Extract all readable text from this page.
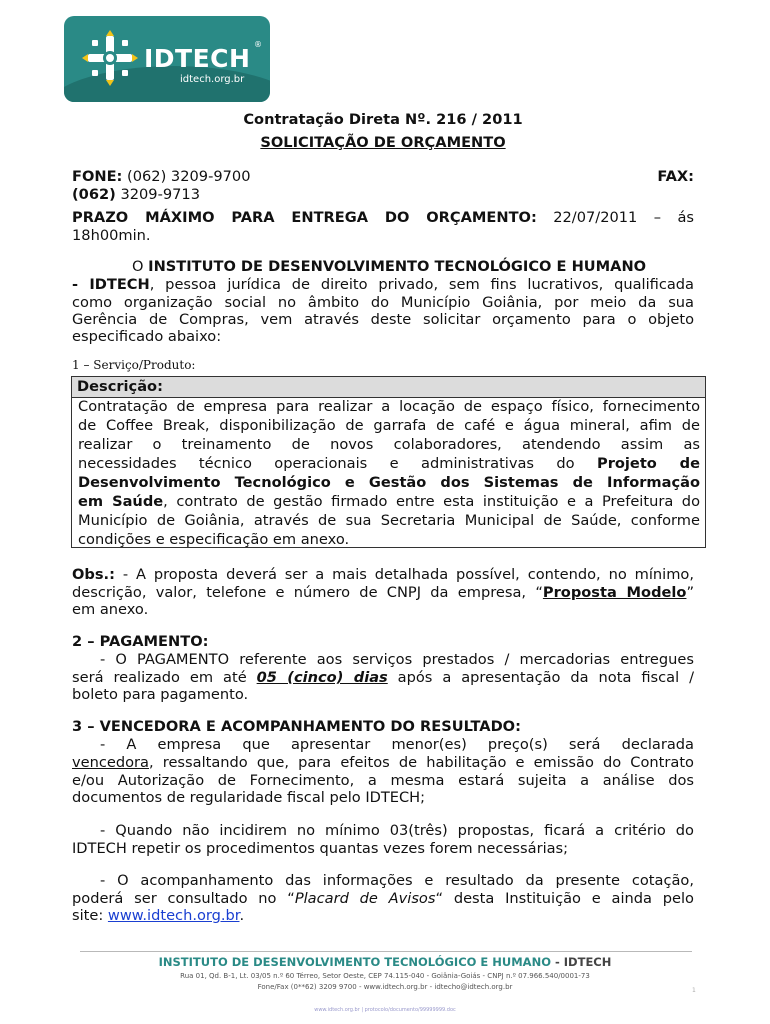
IDTECH ®
idtech.org.br
Contratação Direta Nº. 216 / 2011
SOLICITAÇÃO DE ORÇAMENTO
FONE: (062) 3209-9700	FAX:
(062) 3209-9713
PRAZO MÁXIMO PARA ENTREGA DO ORÇAMENTO: 22/07/2011 – ás
18h00min.
O INSTITUTO DE DESENVOLVIMENTO TECNOLÓGICO E HUMANO
- IDTECH, pessoa jurídica de direito privado, sem fins lucrativos, qualificada
como organização social no âmbito do Município Goiânia, por meio da sua
Gerência de Compras, vem através deste solicitar orçamento para o objeto
especificado abaixo:
1 – Serviço/Produto:
Descrição:
Contratação de empresa para realizar a locação de espaço físico, fornecimento
de Coffee Break, disponibilização de garrafa de café e água mineral, afim de
realizar o treinamento de novos colaboradores, atendendo assim as
necessidades técnico operacionais e administrativas do Projeto de
Desenvolvimento Tecnológico e Gestão dos Sistemas de Informação
em Saúde, contrato de gestão firmado entre esta instituição e a Prefeitura do
Município de Goiânia, através de sua Secretaria Municipal de Saúde, conforme
condições e especificação em anexo.
Obs.: - A proposta deverá ser a mais detalhada possível, contendo, no mínimo,
descrição, valor, telefone e número de CNPJ da empresa, “Proposta Modelo”
em anexo.
2 – PAGAMENTO:
- O PAGAMENTO referente aos serviços prestados / mercadorias entregues
será realizado em até 05 (cinco) dias após a apresentação da nota fiscal /
boleto para pagamento.
3 – VENCEDORA E ACOMPANHAMENTO DO RESULTADO:
- A empresa que apresentar menor(es) preço(s) será declarada
vencedora, ressaltando que, para efeitos de habilitação e emissão do Contrato
e/ou Autorização de Fornecimento, a mesma estará sujeita a análise dos
documentos de regularidade fiscal pelo IDTECH;
- Quando não incidirem no mínimo 03(três) propostas, ficará a critério do
IDTECH repetir os procedimentos quantas vezes forem necessárias;
- O acompanhamento das informações e resultado da presente cotação,
poderá ser consultado no “Placard de Avisos“ desta Instituição e ainda pelo
site: www.idtech.org.br.
INSTITUTO DE DESENVOLVIMENTO TECNOLÓGICO E HUMANO - IDTECH
Rua 01, Qd. B-1, Lt. 03/05 n.º 60 Térreo, Setor Oeste, CEP 74.115-040 - Goiânia-Goiás - CNPJ n.º 07.966.540/0001-73
Fone/Fax (0**62) 3209 9700 - www.idtech.org.br - idtecho@idtech.org.br
www.idtech.org.br | protocolo/documento/99999999.doc
1
